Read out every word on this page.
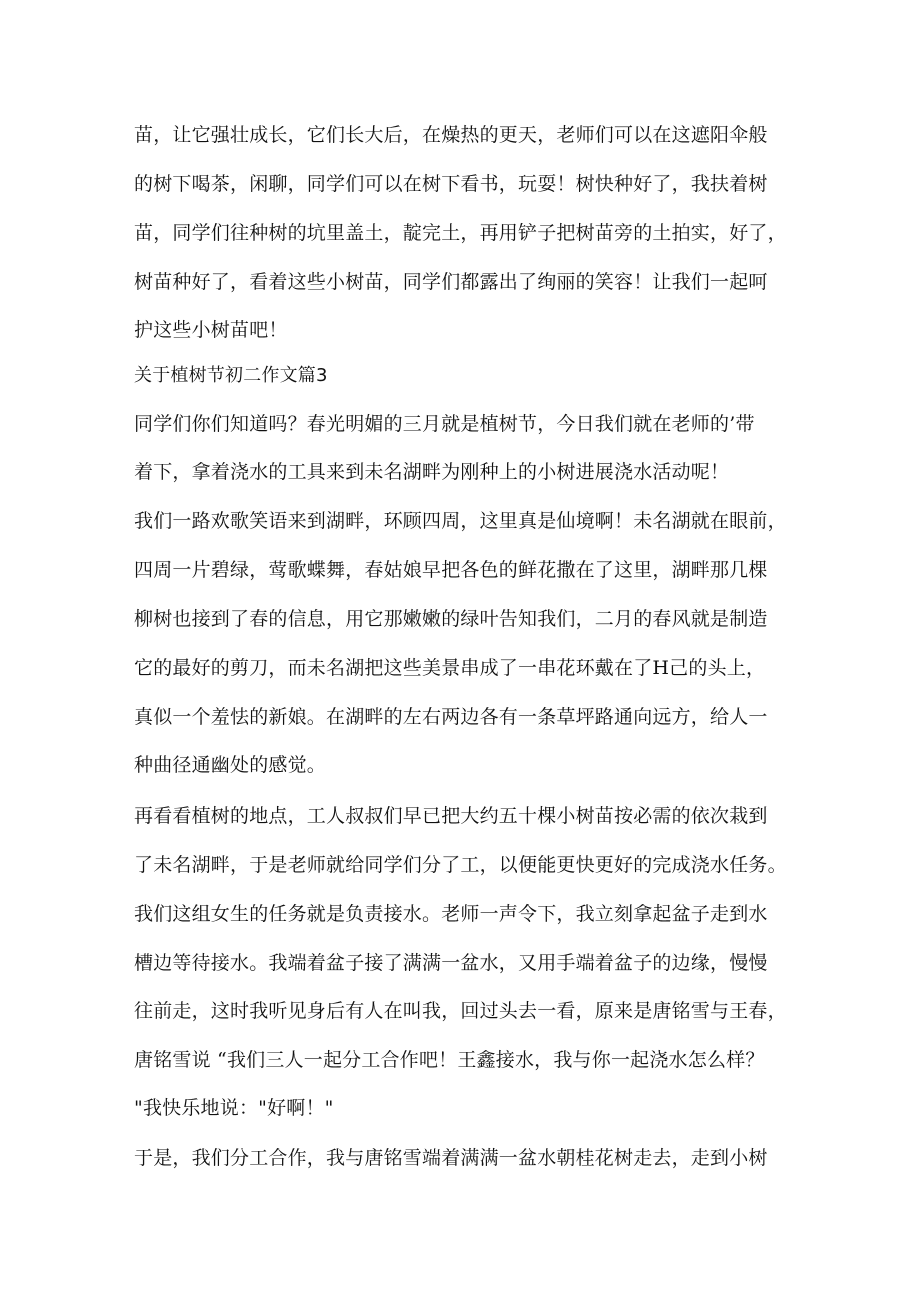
苗，让它强壮成长，它们长大后，在燥热的更天，老师们可以在这遮阳伞般
的树下喝茶，闲聊，同学们可以在树下看书，玩耍！树快种好了，我扶着树
苗，同学们往种树的坑里盖土，靛完土，再用铲子把树苗旁的土拍实，好了，
树苗种好了，看着这些小树苗，同学们都露出了绚丽的笑容！让我们一起呵
护这些小树苗吧！
关于植树节初二作文篇3
同学们你们知道吗？春光明媚的三月就是植树节，今日我们就在老师的’带
着下，拿着浇水的工具来到未名湖畔为刚种上的小树进展浇水活动呢！
我们一路欢歌笑语来到湖畔，环顾四周，这里真是仙境啊！未名湖就在眼前，
四周一片碧绿，莺歌蝶舞，春姑娘早把各色的鲜花撒在了这里，湖畔那几棵
柳树也接到了春的信息，用它那嫩嫩的绿叶告知我们，二月的春风就是制造
它的最好的剪刀，而未名湖把这些美景串成了一串花环戴在了H己的头上，
真似一个羞怯的新娘。在湖畔的左右两边各有一条草坪路通向远方，给人一
种曲径通幽处的感觉。
再看看植树的地点，工人叔叔们早已把大约五十棵小树苗按必需的依次栽到
了未名湖畔，于是老师就给同学们分了工，以便能更快更好的完成浇水任务。
我们这组女生的任务就是负责接水。老师一声令下，我立刻拿起盆子走到水
槽边等待接水。我端着盆子接了满满一盆水，又用手端着盆子的边缘，慢慢
往前走，这时我听见身后有人在叫我，回过头去一看，原来是唐铭雪与王春，
唐铭雪说 “我们三人一起分工合作吧！王鑫接水，我与你一起浇水怎么样？
"我快乐地说："好啊！"
于是，我们分工合作，我与唐铭雪端着满满一盆水朝桂花树走去，走到小树
